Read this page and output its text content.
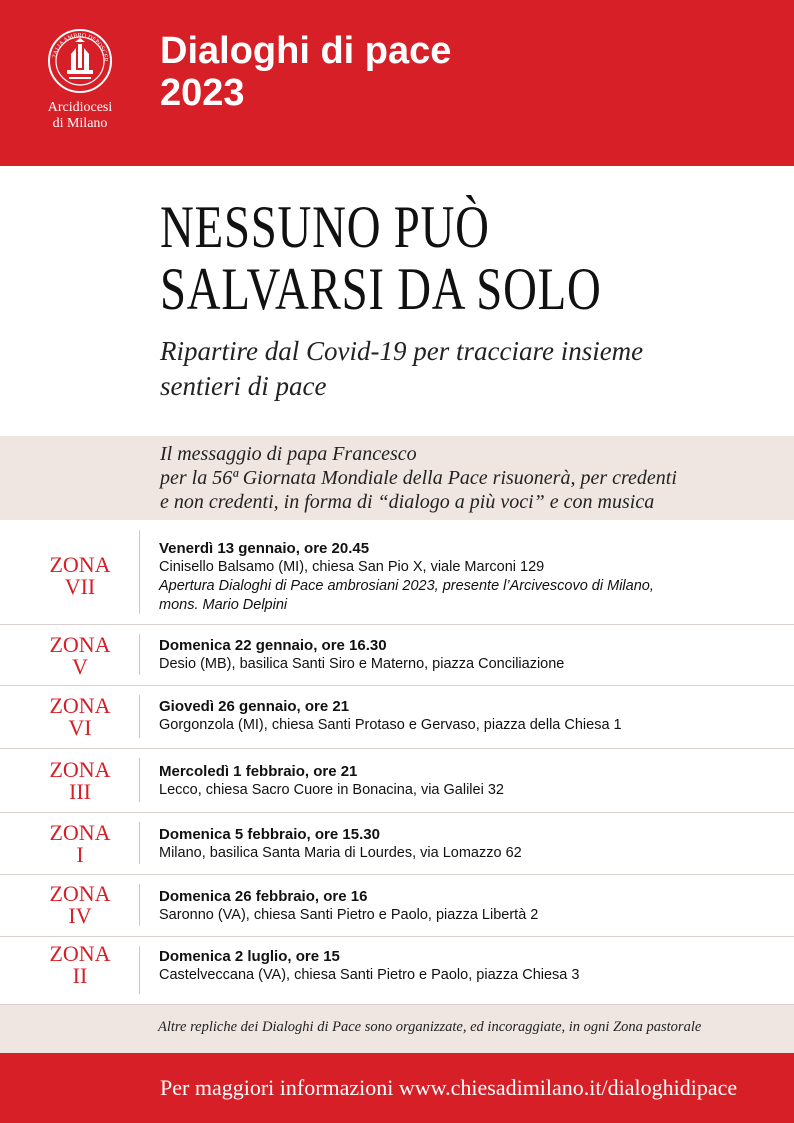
TALIA AMBRO DEPOSCER
Arcidiocesi
di Milano
Dialoghi di pace
2023
NESSUNO PUÒ
SALVARSI DA SOLO
Ripartire dal Covid-19 per tracciare insieme
sentieri di pace
Il messaggio di papa Francesco
per la 56ª Giornata Mondiale della Pace risuonerà, per credenti
e non credenti, in forma di “dialogo a più voci” e con musica
ZONA
VII
Venerdì 13 gennaio, ore 20.45
Cinisello Balsamo (MI), chiesa San Pio X, viale Marconi 129
Apertura Dialoghi di Pace ambrosiani 2023, presente l’Arcivescovo di Milano,
mons. Mario Delpini
ZONA
V
Domenica 22 gennaio, ore 16.30
Desio (MB), basilica Santi Siro e Materno, piazza Conciliazione
ZONA
VI
Giovedì 26 gennaio, ore 21
Gorgonzola (MI), chiesa Santi Protaso e Gervaso, piazza della Chiesa 1
ZONA
III
Mercoledì 1 febbraio, ore 21
Lecco, chiesa Sacro Cuore in Bonacina, via Galilei 32
ZONA
I
Domenica 5 febbraio, ore 15.30
Milano, basilica Santa Maria di Lourdes, via Lomazzo 62
ZONA
IV
Domenica 26 febbraio, ore 16
Saronno (VA), chiesa Santi Pietro e Paolo, piazza Libertà 2
ZONA
II
Domenica 2 luglio, ore 15
Castelveccana (VA), chiesa Santi Pietro e Paolo, piazza Chiesa 3
Altre repliche dei Dialoghi di Pace sono organizzate, ed incoraggiate, in ogni Zona pastorale
Per maggiori informazioni www.chiesadimilano.it/dialoghidipace
